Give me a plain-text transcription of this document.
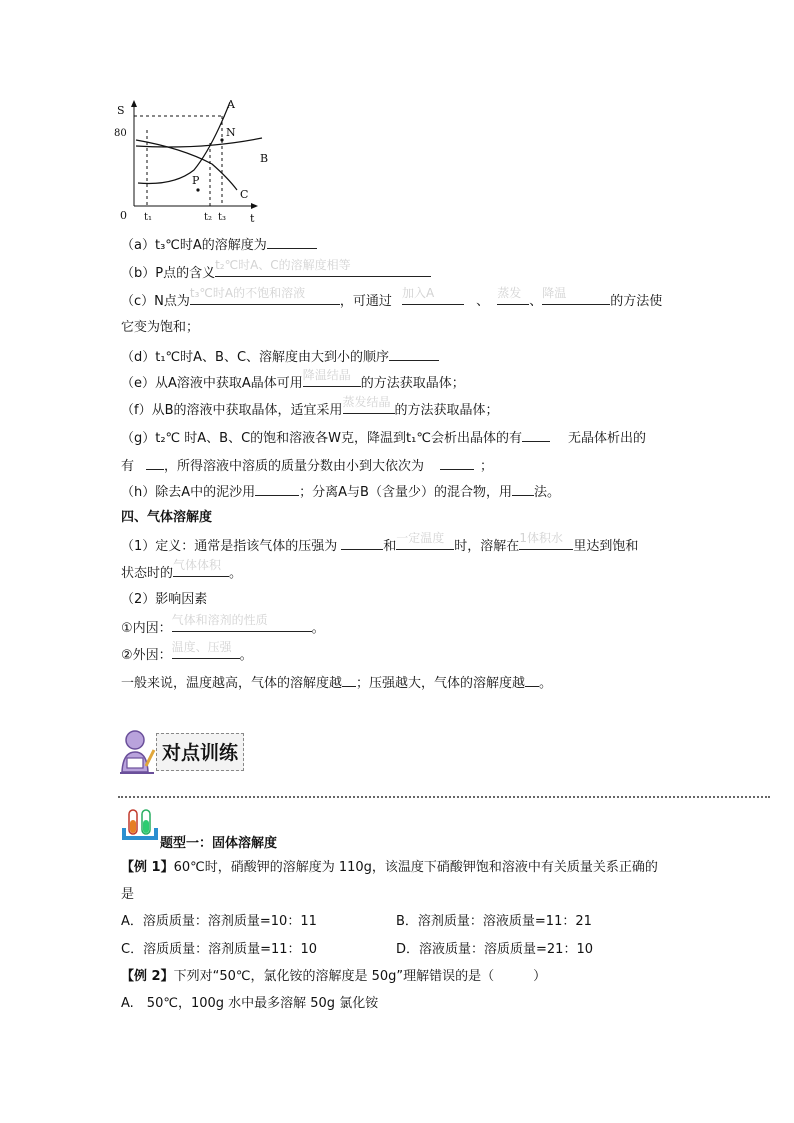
S
80
0	t
t₁	t₂ t₃
A
B
C
N
P
（a）t₃℃时A的溶解度为
（b）P点的含义
t₂℃时A、C的溶解度相等
（c）N点为
t₃℃时A的不饱和溶液
，可通过
加入A
、
蒸发
、
降温
的方法使
它变为饱和；
（d）t₁℃时A、B、C、溶解度由大到小的顺序
（e）从A溶液中获取A晶体可用
降温结晶
的方法获取晶体；
（f）从B的溶液中获取晶体，适宜采用
蒸发结晶
的方法获取晶体；
（g）t₂℃ 时A、B、C的饱和溶液各W克，降温到t₁℃会析出晶体的有	无晶体析出的
有 ，所得溶液中溶质的质量分数由小到大依次为	；
（h）除去A中的泥沙用	；分离A与B（含量少）的混合物，用 法。
四、气体溶解度
（1）定义：通常是指该气体的压强为	和
一定温度
时，溶解在
1体积水
里达到饱和
状态时的
气体体积
。
（2）影响因素
①内因：
气体和溶剂的性质
。
②外因：
温度、压强
。
一般来说，温度越高，气体的溶解度越 ；压强越大，气体的溶解度越 。
对点训练
题型一：固体溶解度
【例 1】60℃时，硝酸钾的溶解度为 110g，该温度下硝酸钾饱和溶液中有关质量关系正确的
是
A．溶质质量：溶剂质量=10：11	B．溶剂质量：溶液质量=11：21
C．溶质质量：溶剂质量=11：10	D．溶液质量：溶质质量=21：10
【例 2】下列对“50℃，氯化铵的溶解度是 50g”理解错误的是（　　　）
A.　50℃，100g 水中最多溶解 50g 氯化铵
